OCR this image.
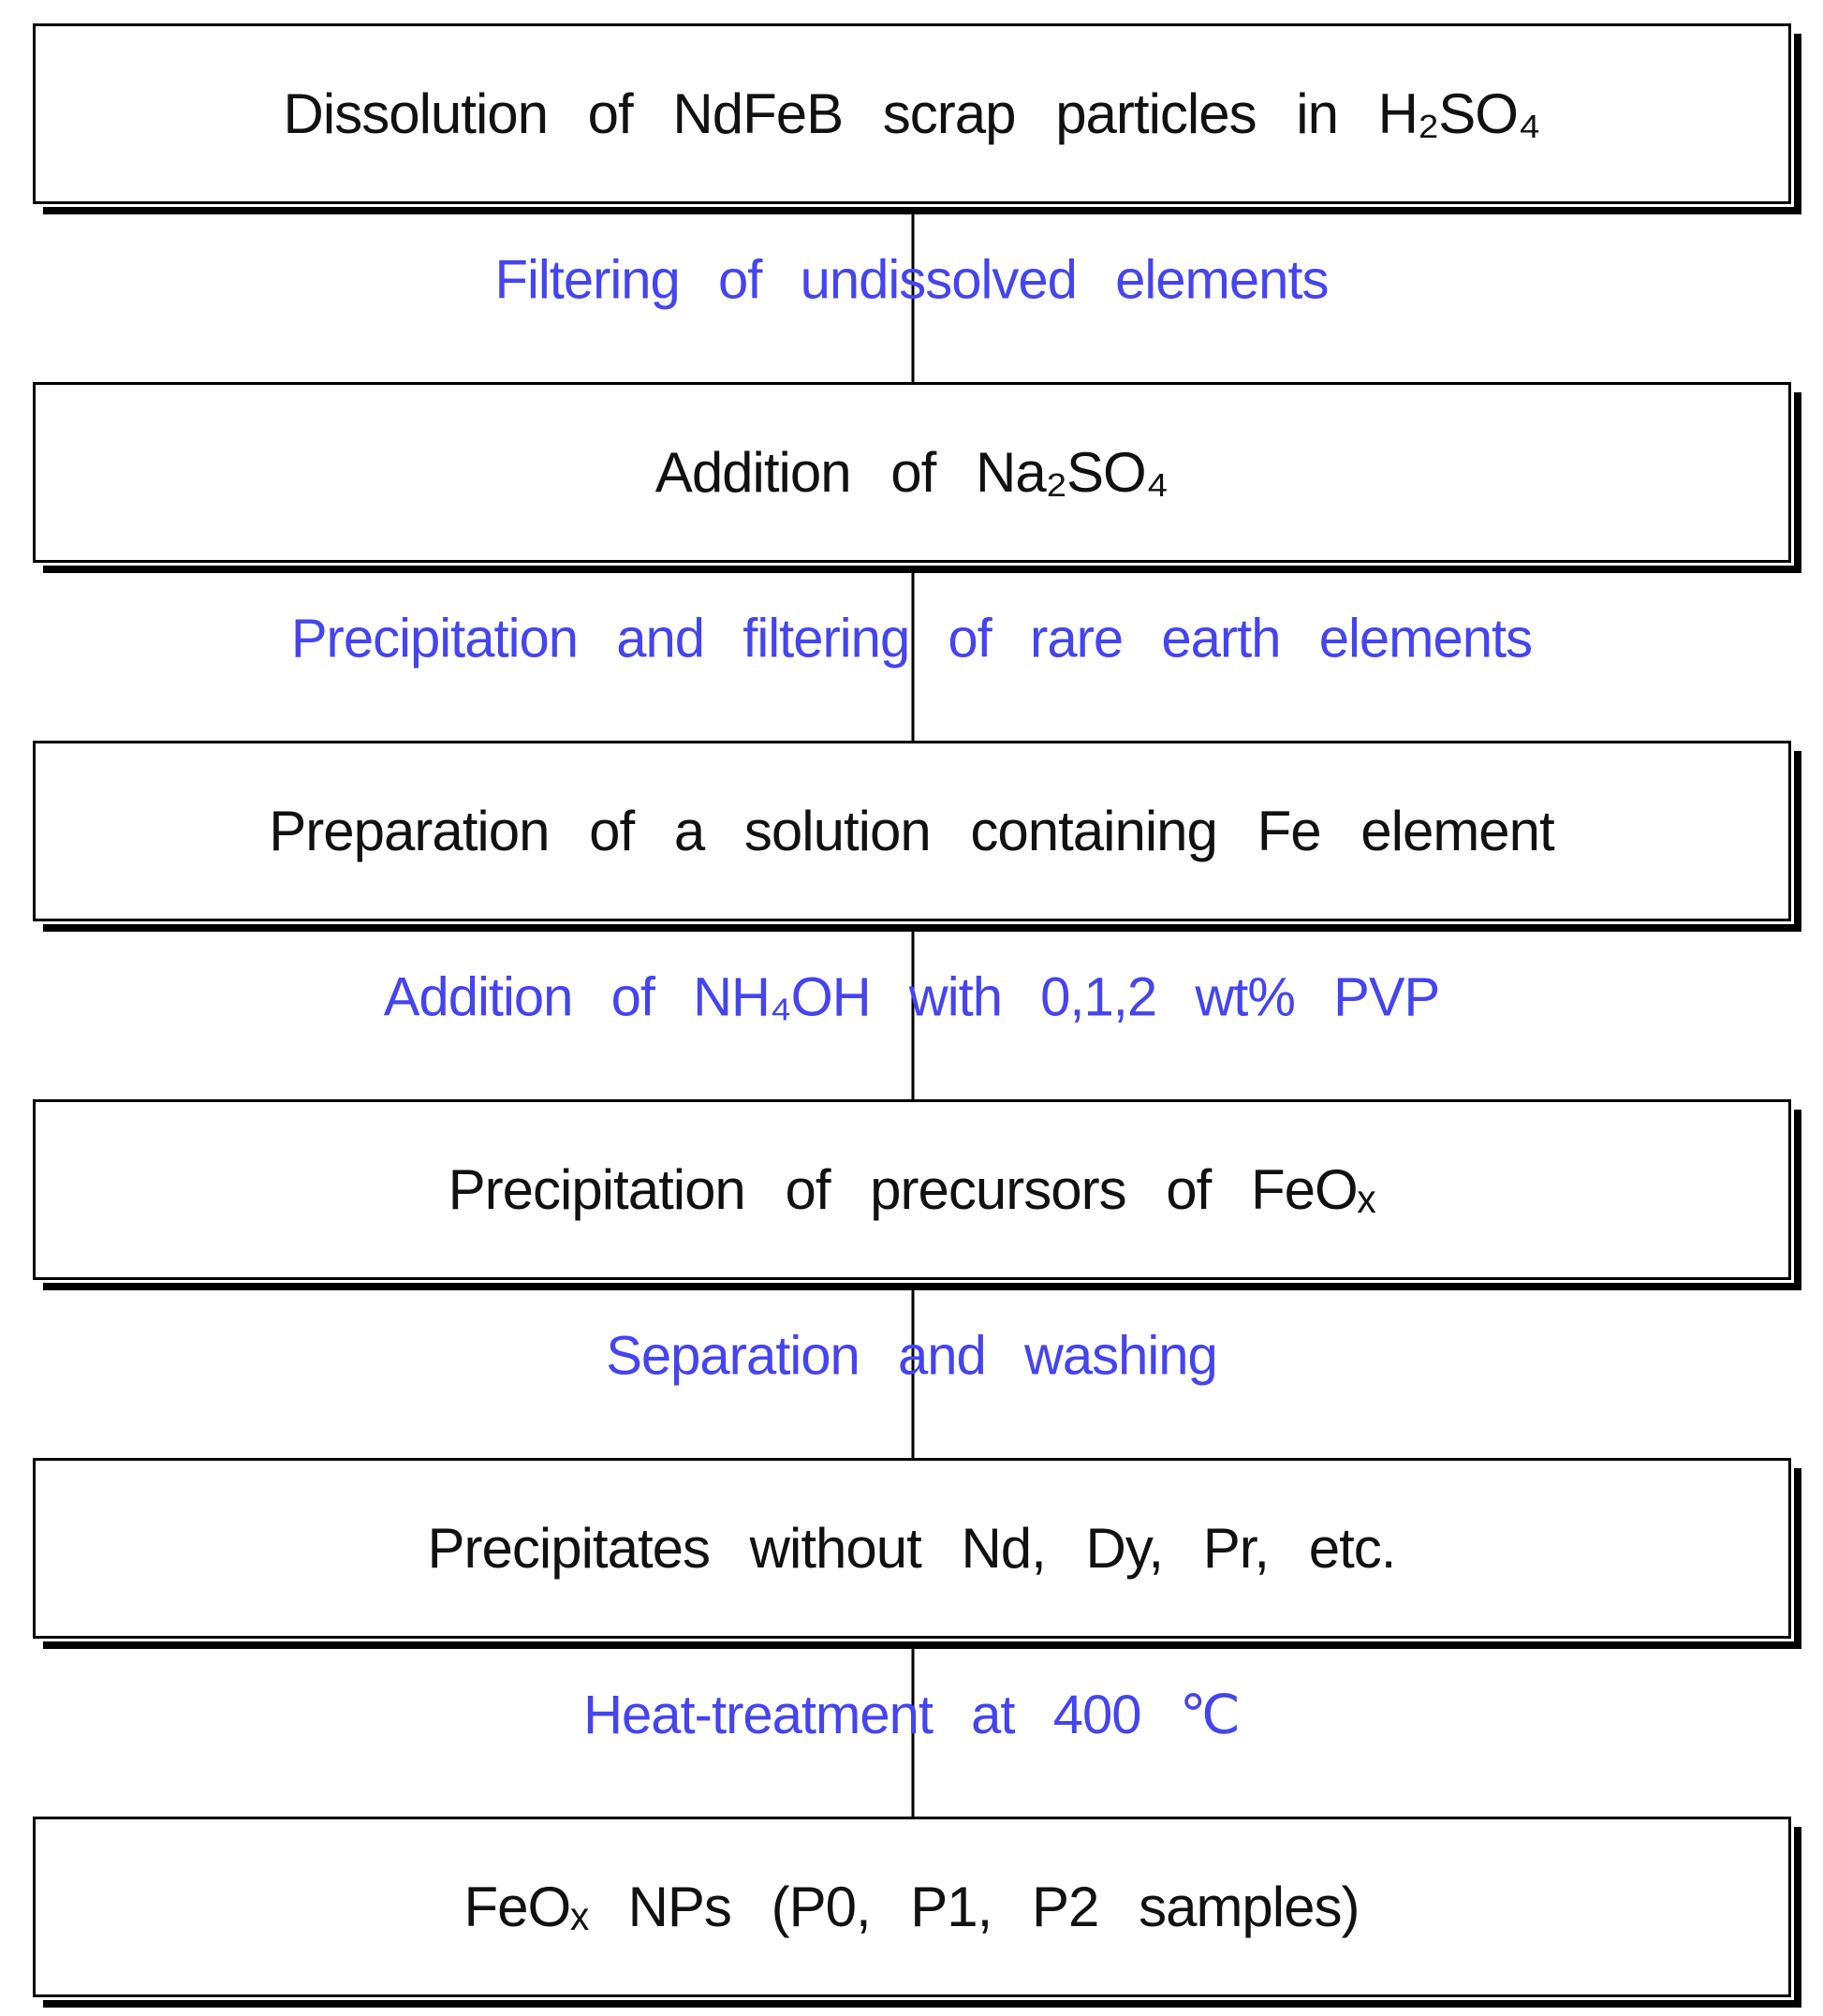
Dissolution of NdFeB scrap particles in H₂SO₄
Filtering of undissolved elements
Addition of Na₂SO₄
Precipitation and filtering of rare earth elements
Preparation of a solution containing Fe element
Addition of NH₄OH with 0,1,2 wt% PVP
Precipitation of precursors of FeOₓ
Separation and washing
Precipitates without Nd, Dy, Pr, etc.
Heat-treatment at 400 ℃
FeOₓ NPs (P0, P1, P2 samples)
